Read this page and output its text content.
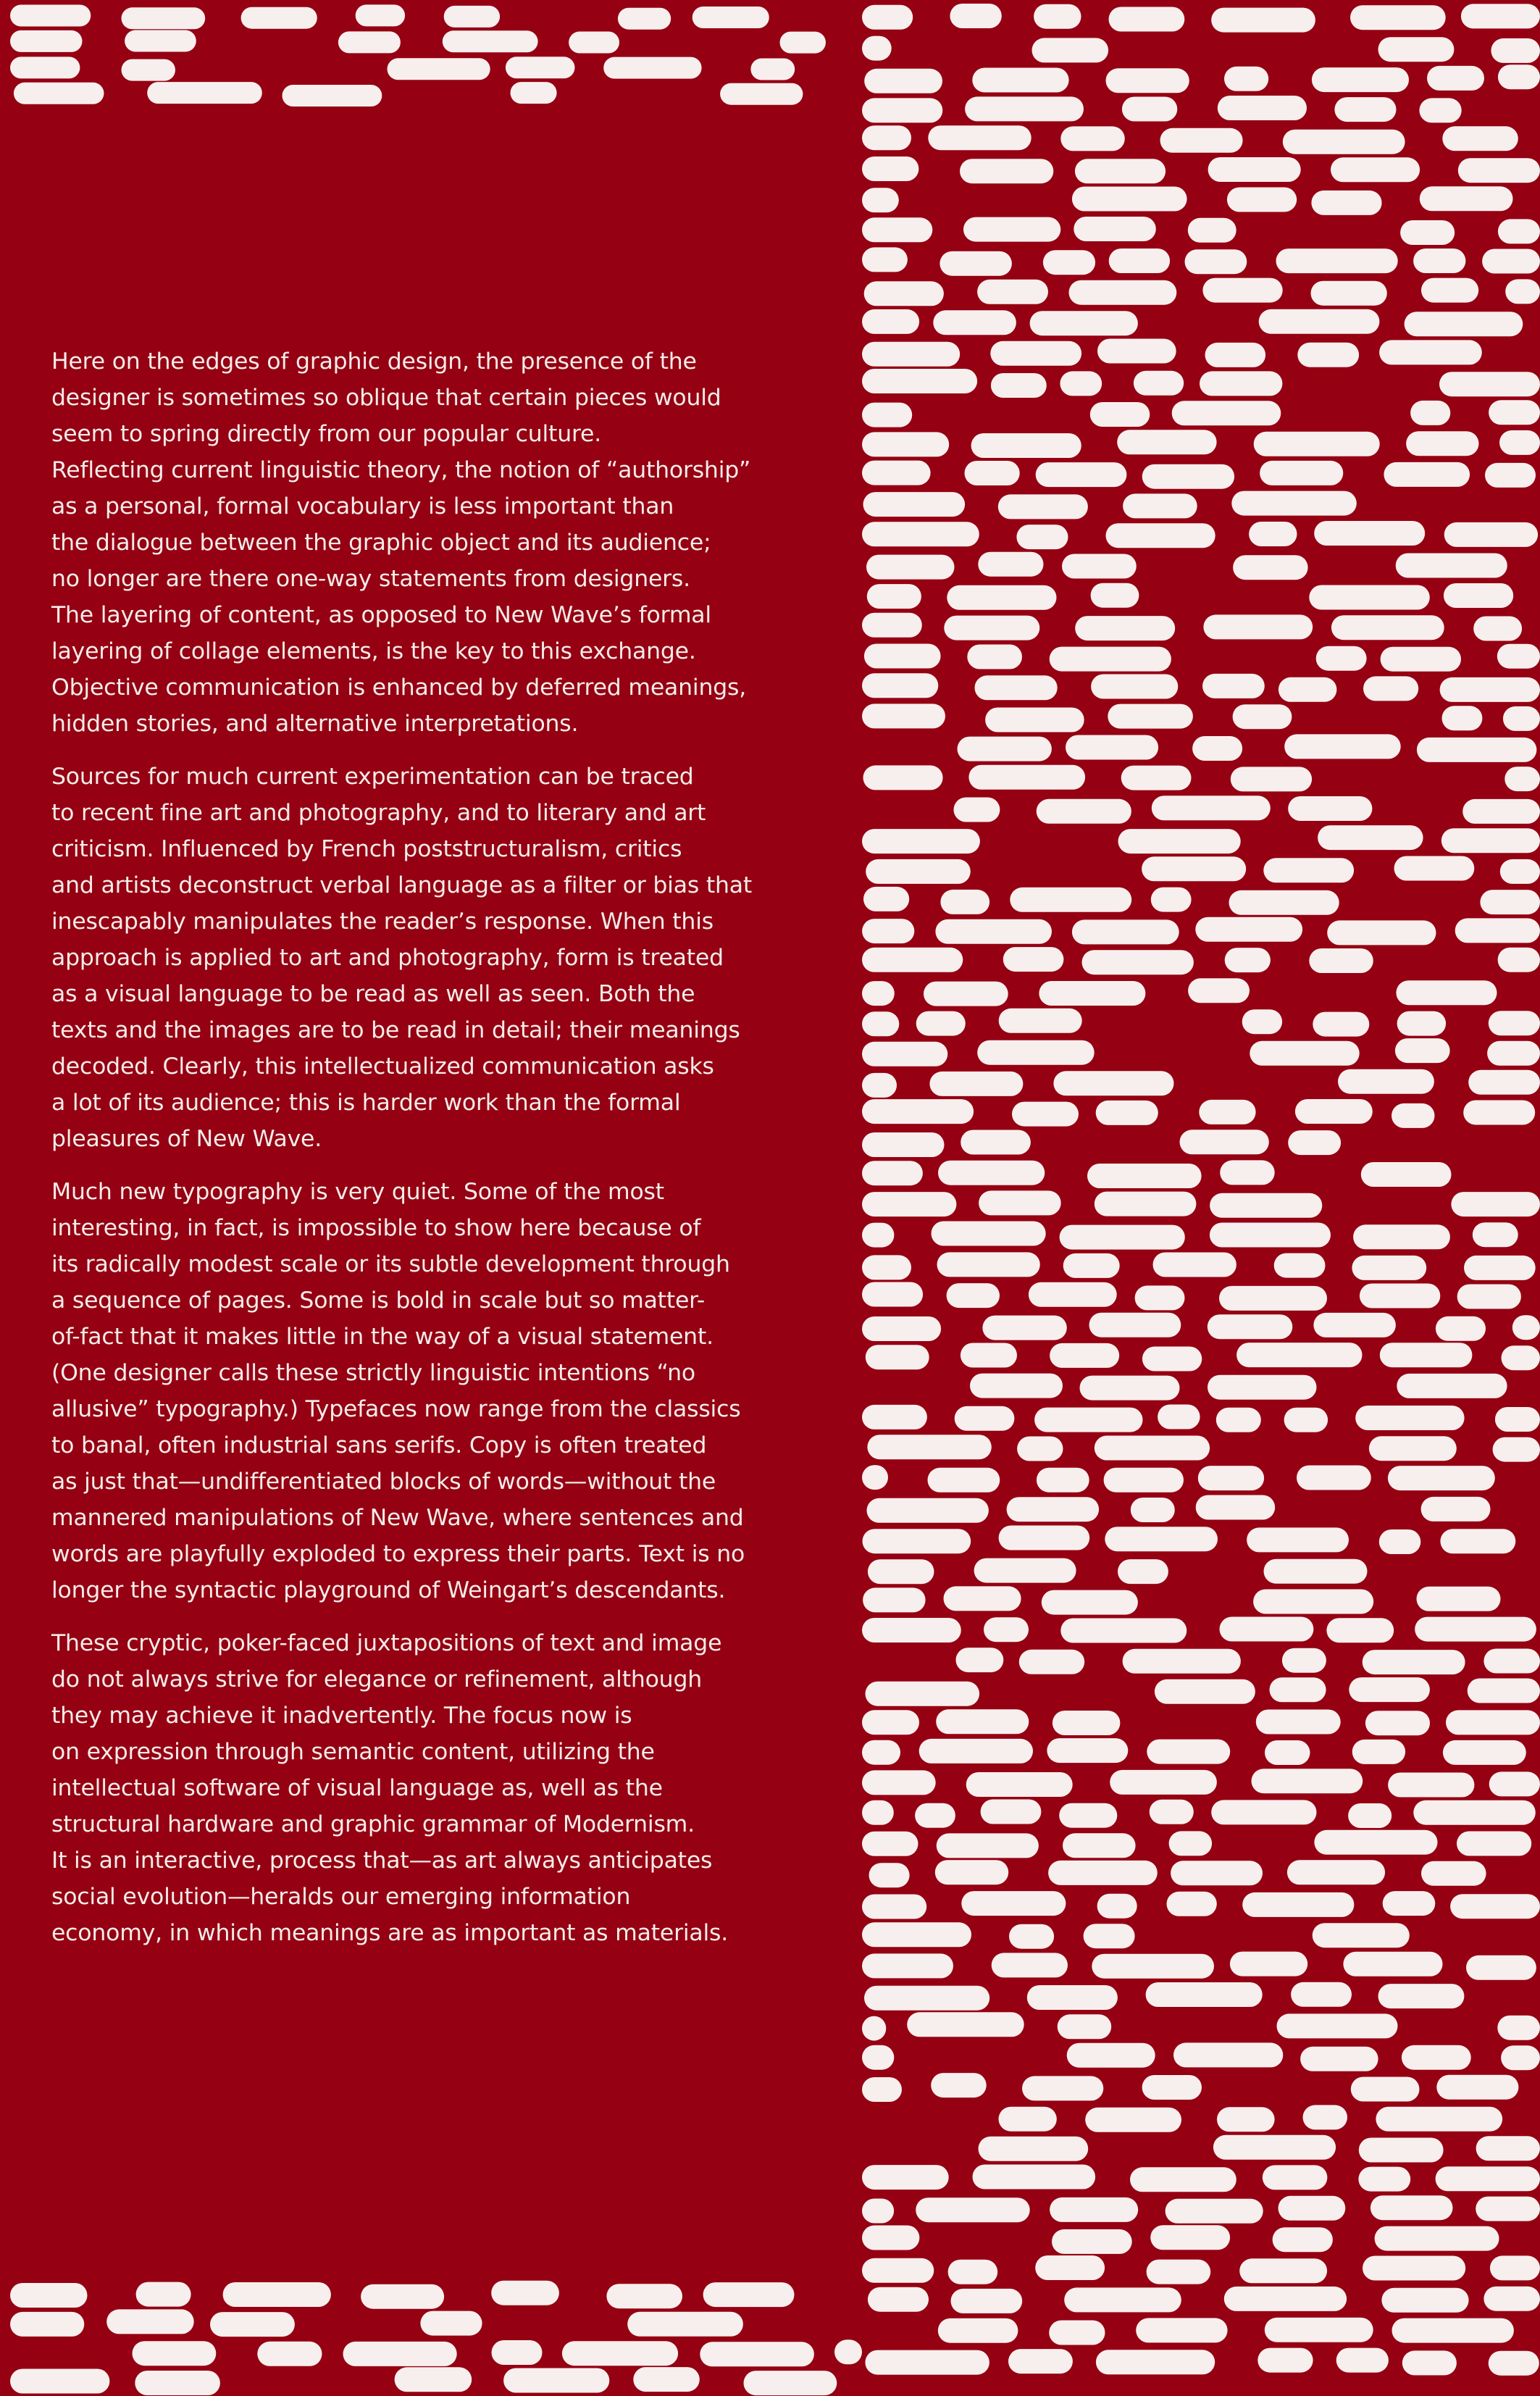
Here on the edges of graphic design, the presence of the
designer is sometimes so oblique that certain pieces would
seem to spring directly from our popular culture.
Reflecting current linguistic theory, the notion of “authorship”
as a personal, formal vocabulary is less important than
the dialogue between the graphic object and its audience;
no longer are there one-way statements from designers.
The layering of content, as opposed to New Wave’s formal
layering of collage elements, is the key to this exchange.
Objective communication is enhanced by deferred meanings,
hidden stories, and alternative interpretations.

Sources for much current experimentation can be traced
to recent fine art and photography, and to literary and art
criticism. Influenced by French poststructuralism, critics
and artists deconstruct verbal language as a filter or bias that
inescapably manipulates the reader’s response. When this
approach is applied to art and photography, form is treated
as a visual language to be read as well as seen. Both the
texts and the images are to be read in detail; their meanings
decoded. Clearly, this intellectualized communication asks
a lot of its audience; this is harder work than the formal
pleasures of New Wave.

Much new typography is very quiet. Some of the most
interesting, in fact, is impossible to show here because of
its radically modest scale or its subtle development through
a sequence of pages. Some is bold in scale but so matter-
of-fact that it makes little in the way of a visual statement.
(One designer calls these strictly linguistic intentions “no
allusive” typography.) Typefaces now range from the classics
to banal, often industrial sans serifs. Copy is often treated
as just that—undifferentiated blocks of words—without the
mannered manipulations of New Wave, where sentences and
words are playfully exploded to express their parts. Text is no
longer the syntactic playground of Weingart’s descendants.

These cryptic, poker-faced juxtapositions of text and image
do not always strive for elegance or refinement, although
they may achieve it inadvertently. The focus now is
on expression through semantic content, utilizing the
intellectual software of visual language as, well as the
structural hardware and graphic grammar of Modernism.
It is an interactive, process that—as art always anticipates
social evolution—heralds our emerging information
economy, in which meanings are as important as materials.
